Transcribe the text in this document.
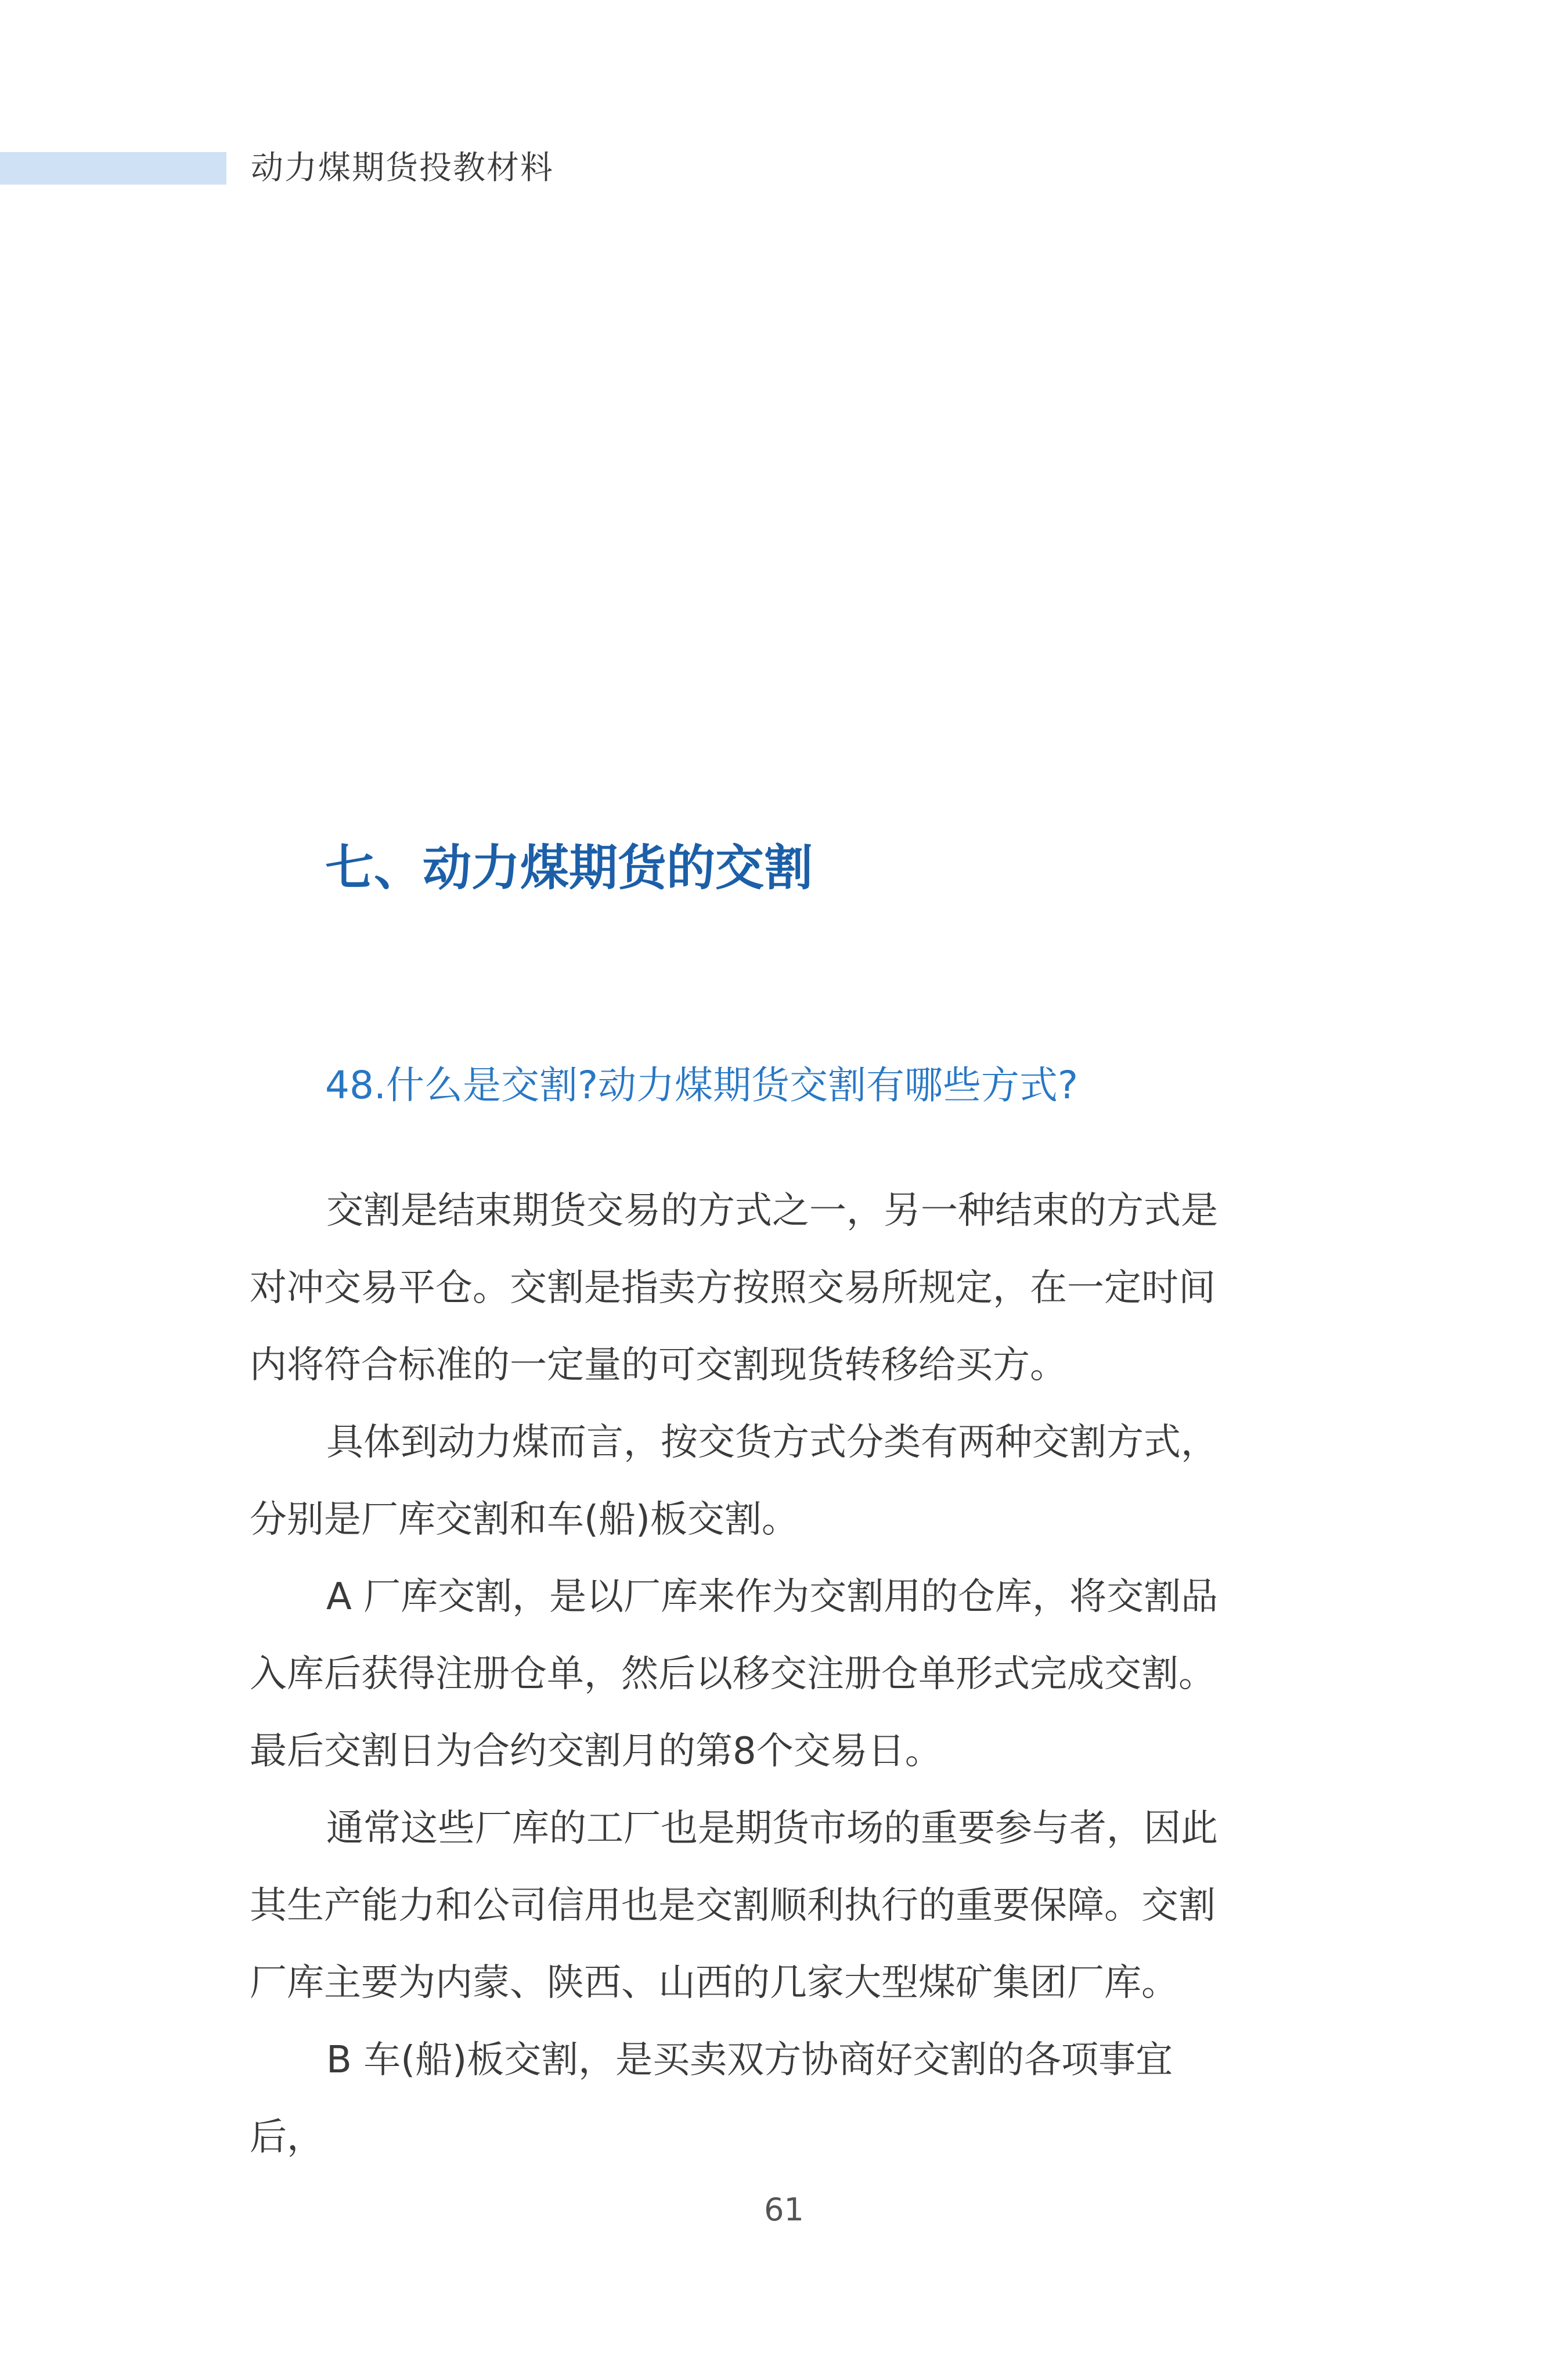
动力煤期货投教材料
七、动力煤期货的交割
48.什么是交割?动力煤期货交割有哪些方式?

交割是结束期货交易的方式之一，另一种结束的方式是对冲交易平仓。交割是指卖方按照交易所规定，在一定时间内将符合标准的一定量的可交割现货转移给买方。

具体到动力煤而言，按交货方式分类有两种交割方式，分别是厂库交割和车(船)板交割。

A 厂库交割，是以厂库来作为交割用的仓库，将交割品入库后获得注册仓单，然后以移交注册仓单形式完成交割。最后交割日为合约交割月的第8个交易日。

通常这些厂库的工厂也是期货市场的重要参与者，因此其生产能力和公司信用也是交割顺利执行的重要保障。交割厂库主要为内蒙、陕西、山西的几家大型煤矿集团厂库。

B 车(船)板交割，是买卖双方协商好交割的各项事宜后，

61
